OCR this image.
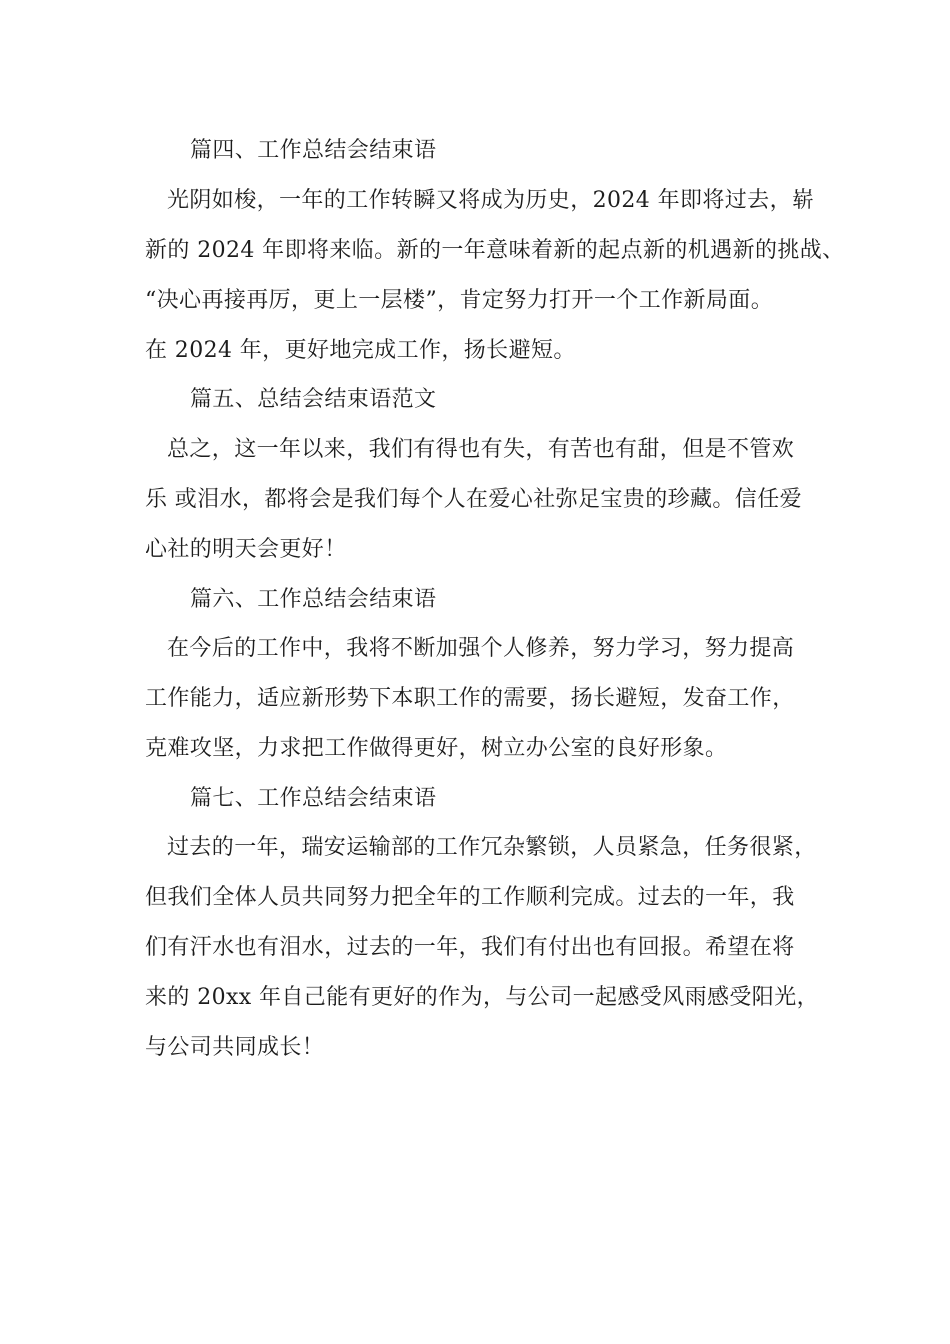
篇四、工作总结会结束语
光阴如梭，一年的工作转瞬又将成为历史，2024 年即将过去，崭
新的 2024 年即将来临。新的一年意味着新的起点新的机遇新的挑战、
“决心再接再厉，更上一层楼”，肯定努力打开一个工作新局面。
在 2024 年，更好地完成工作，扬长避短。
篇五、总结会结束语范文
总之，这一年以来，我们有得也有失，有苦也有甜，但是不管欢
乐 或泪水，都将会是我们每个人在爱心社弥足宝贵的珍藏。信任爱
心社的明天会更好！
篇六、工作总结会结束语
在今后的工作中，我将不断加强个人修养，努力学习，努力提高
工作能力，适应新形势下本职工作的需要，扬长避短，发奋工作，
克难攻坚，力求把工作做得更好，树立办公室的良好形象。
篇七、工作总结会结束语
过去的一年，瑞安运输部的工作冗杂繁锁，人员紧急，任务很紧，
但我们全体人员共同努力把全年的工作顺利完成。过去的一年，我
们有汗水也有泪水，过去的一年，我们有付出也有回报。希望在将
来的 20xx 年自己能有更好的作为，与公司一起感受风雨感受阳光，
与公司共同成长！
